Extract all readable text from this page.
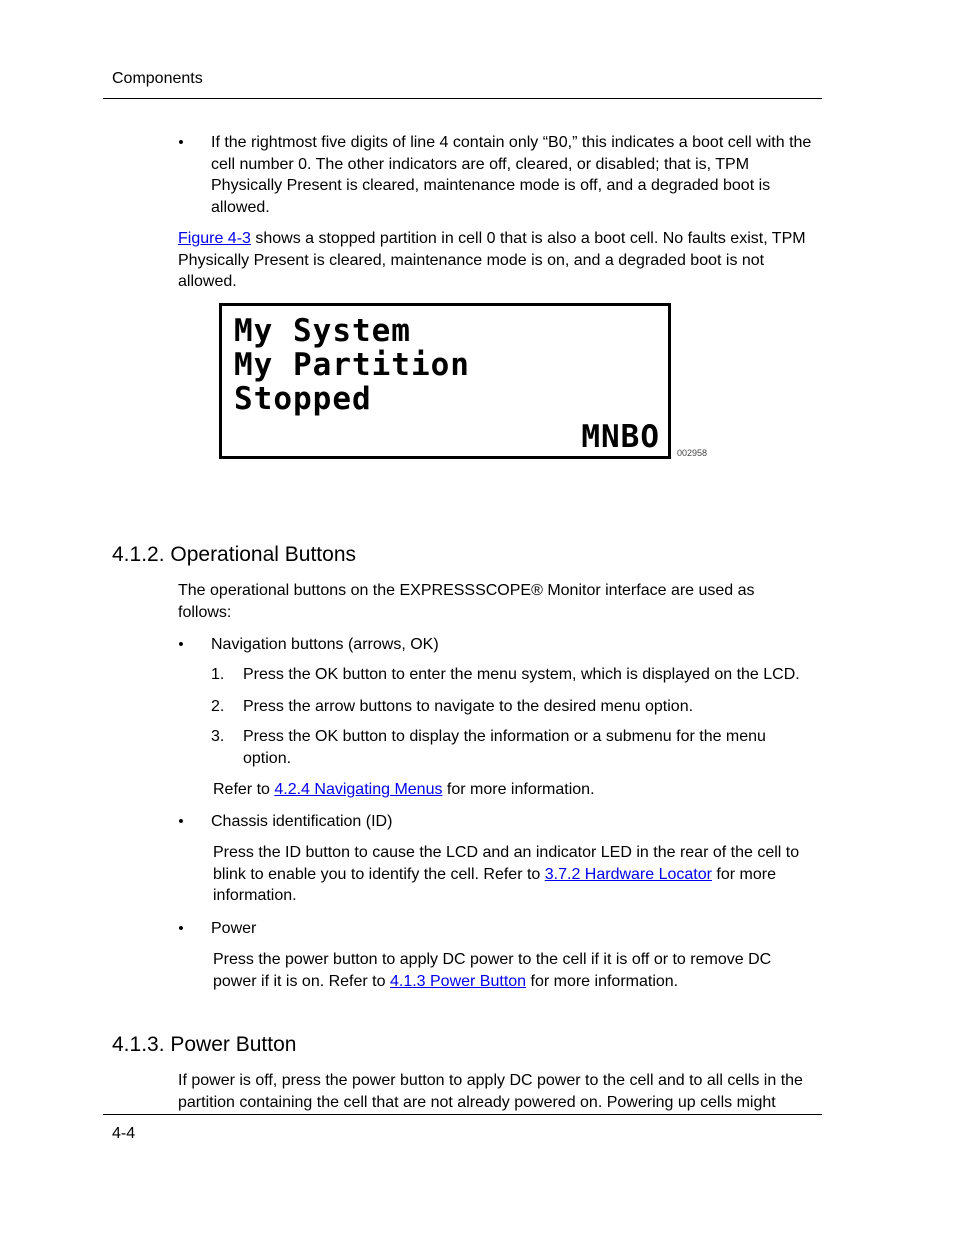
Components
• If the rightmost five digits of line 4 contain only “B0,” this indicates a boot cell with the cell number 0. The other indicators are off, cleared, or disabled; that is, TPM Physically Present is cleared, maintenance mode is off, and a degraded boot is allowed.

Figure 4-3 shows a stopped partition in cell 0 that is also a boot cell. No faults exist, TPM Physically Present is cleared, maintenance mode is on, and a degraded boot is not allowed.

My System
My Partition
Stopped
MNBO 002958
4.1.2. Operational Buttons

The operational buttons on the EXPRESSSCOPE® Monitor interface are used as follows:

• Navigation buttons (arrows, OK)

1. Press the OK button to enter the menu system, which is displayed on the LCD.

2. Press the arrow buttons to navigate to the desired menu option.

3. Press the OK button to display the information or a submenu for the menu option.

Refer to 4.2.4 Navigating Menus for more information.

• Chassis identification (ID)

Press the ID button to cause the LCD and an indicator LED in the rear of the cell to blink to enable you to identify the cell. Refer to 3.7.2 Hardware Locator for more information.

• Power

Press the power button to apply DC power to the cell if it is off or to remove DC power if it is on. Refer to 4.1.3 Power Button for more information.

4.1.3. Power Button

If power is off, press the power button to apply DC power to the cell and to all cells in the partition containing the cell that are not already powered on. Powering up cells might

4-4
